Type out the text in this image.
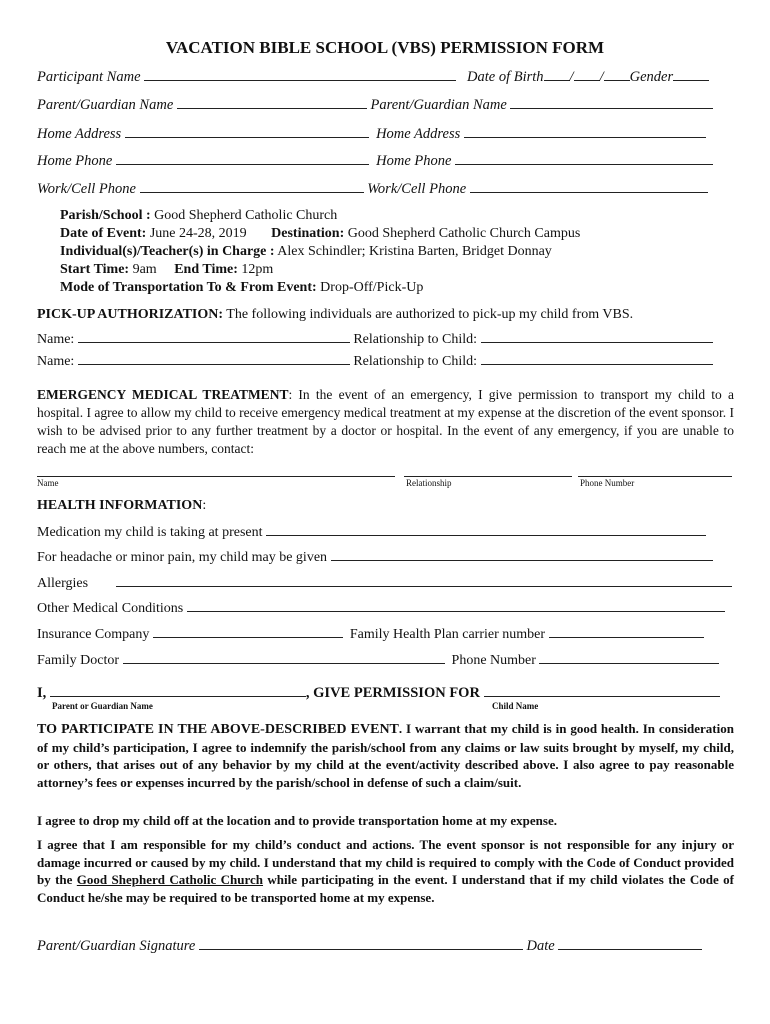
VACATION BIBLE SCHOOL (VBS) PERMISSION FORM
Participant Name	Date of Birth / / Gender
Parent/Guardian Name	Parent/Guardian Name
Home Address	Home Address
Home Phone	Home Phone
Work/Cell Phone	Work/Cell Phone
Parish/School : Good Shepherd Catholic Church
Date of Event: June 24-28, 2019 Destination: Good Shepherd Catholic Church Campus
Individual(s)/Teacher(s) in Charge : Alex Schindler; Kristina Barten, Bridget Donnay
Start Time: 9am End Time: 12pm
Mode of Transportation To & From Event: Drop-Off/Pick-Up
PICK-UP AUTHORIZATION: The following individuals are authorized to pick-up my child from VBS.
Name:	Relationship to Child:
Name:	Relationship to Child:
EMERGENCY MEDICAL TREATMENT: In the event of an emergency, I give permission to transport my child to a hospital. I agree to allow my child to receive emergency medical treatment at my expense at the discretion of the event sponsor. I wish to be advised prior to any further treatment by a doctor or hospital. In the event of any emergency, if you are unable to reach me at the above numbers, contact:
Name	Relationship	Phone Number
HEALTH INFORMATION:
Medication my child is taking at present
For headache or minor pain, my child may be given
Allergies
Other Medical Conditions
Insurance Company	Family Health Plan carrier number
Family Doctor	Phone Number
I,	, GIVE PERMISSION FOR
Parent or Guardian Name	Child Name
TO PARTICIPATE IN THE ABOVE-DESCRIBED EVENT. I warrant that my child is in good health. In consideration of my child’s participation, I agree to indemnify the parish/school from any claims or law suits brought by myself, my child, or others, that arises out of any behavior by my child at the event/activity described above. I also agree to pay reasonable attorney’s fees or expenses incurred by the parish/school in defense of such a claim/suit.
I agree to drop my child off at the location and to provide transportation home at my expense.
I agree that I am responsible for my child’s conduct and actions. The event sponsor is not responsible for any injury or damage incurred or caused by my child. I understand that my child is required to comply with the Code of Conduct provided by the Good Shepherd Catholic Church while participating in the event. I understand that if my child violates the Code of Conduct he/she may be required to be transported home at my expense.
Parent/Guardian Signature	Date
